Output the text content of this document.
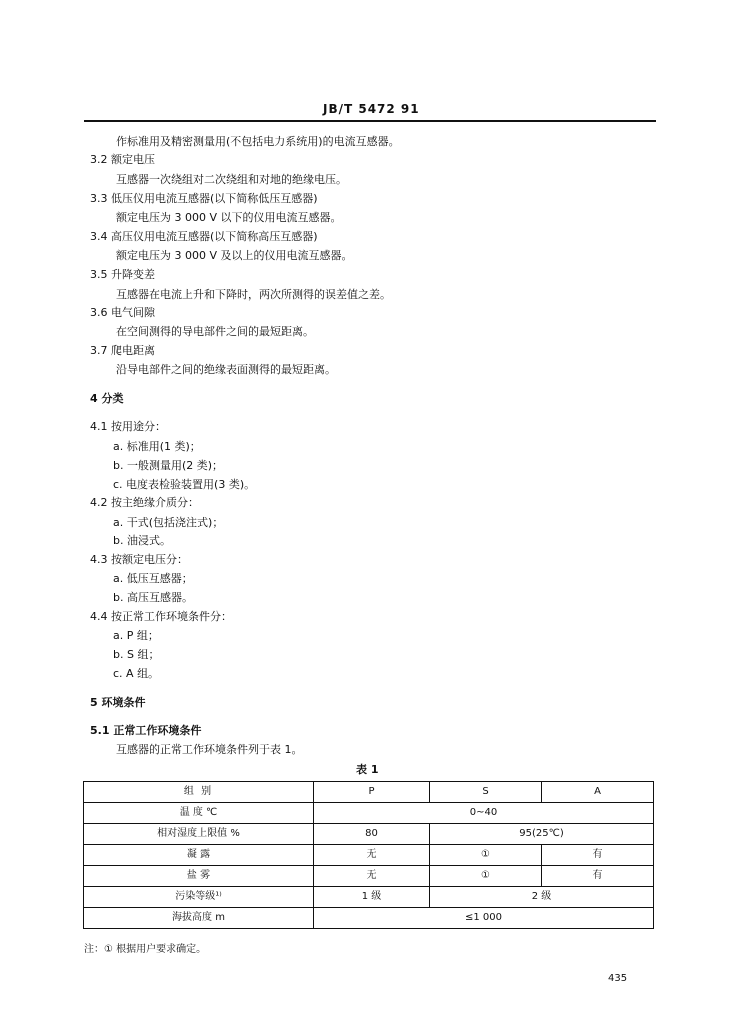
JB/T 5472 91
作标准用及精密测量用(不包括电力系统用)的电流互感器。
3.2 额定电压
互感器一次绕组对二次绕组和对地的绝缘电压。
3.3 低压仪用电流互感器(以下简称低压互感器)
额定电压为 3 000 V 以下的仪用电流互感器。
3.4 高压仪用电流互感器(以下简称高压互感器)
额定电压为 3 000 V 及以上的仪用电流互感器。
3.5 升降变差
互感器在电流上升和下降时，两次所测得的误差值之差。
3.6 电气间隙
在空间测得的导电部件之间的最短距离。
3.7 爬电距离
沿导电部件之间的绝缘表面测得的最短距离。
4 分类
4.1 按用途分：
a. 标准用(1 类)；
b. 一般测量用(2 类)；
c. 电度表检验装置用(3 类)。
4.2 按主绝缘介质分：
a. 干式(包括浇注式)；
b. 油浸式。
4.3 按额定电压分：
a. 低压互感器；
b. 高压互感器。
4.4 按正常工作环境条件分：
a. P 组；
b. S 组；
c. A 组。
5 环境条件
5.1 正常工作环境条件
互感器的正常工作环境条件列于表 1。
表 1
组 别	P	S	A
温 度 ℃	0~40		
相对湿度上限值 %	80	95(25℃)	
凝 露	无	①	有
盐 雾	无	①	有
污染等级¹⁾	1 级	2 级	
海拔高度 m	≤1 000		
注：① 根据用户要求确定。
435
